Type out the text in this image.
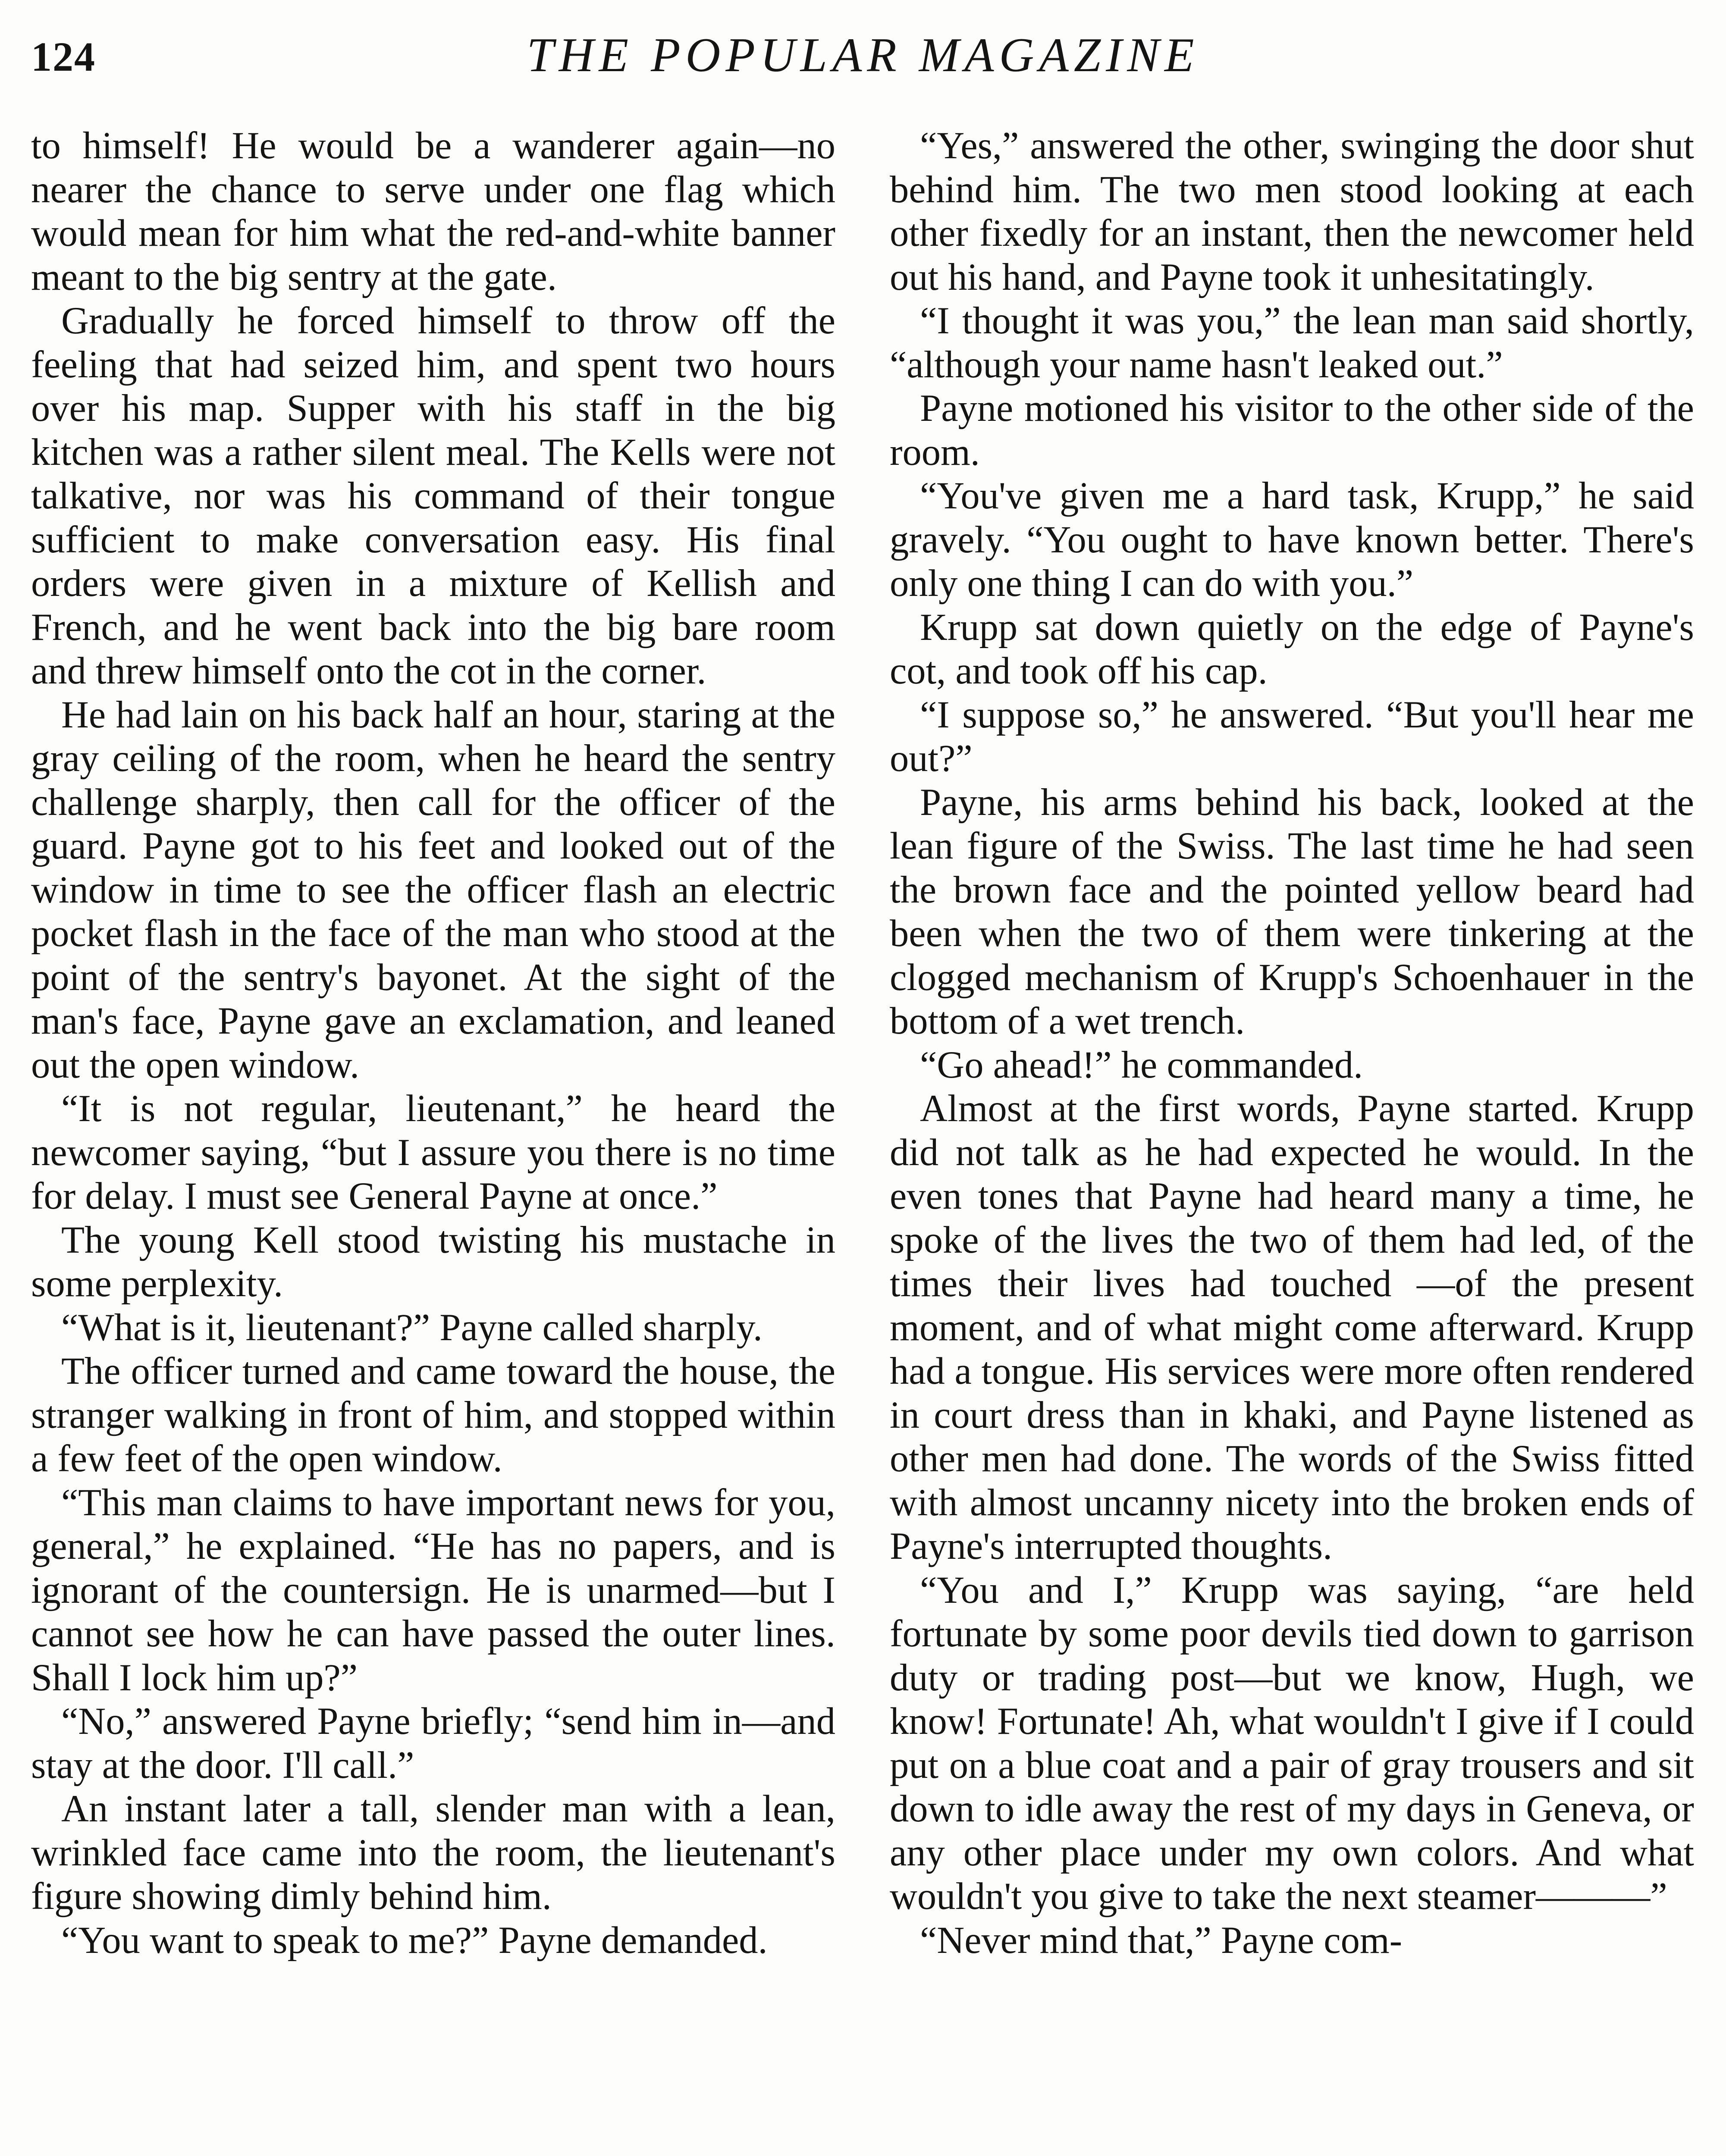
124	THE POPULAR MAGAZINE

to himself! He would be a wanderer again—no nearer the chance to serve under one flag which would mean for him what the red-and-white banner meant to the big sentry at the gate.

Gradually he forced himself to throw off the feeling that had seized him, and spent two hours over his map. Supper with his staff in the big kitchen was a rather silent meal. The Kells were not talkative, nor was his command of their tongue sufficient to make conversation easy. His final orders were given in a mixture of Kellish and French, and he went back into the big bare room and threw himself onto the cot in the corner.

He had lain on his back half an hour, staring at the gray ceiling of the room, when he heard the sentry challenge sharply, then call for the officer of the guard. Payne got to his feet and looked out of the window in time to see the officer flash an electric pocket flash in the face of the man who stood at the point of the sentry's bayonet. At the sight of the man's face, Payne gave an exclamation, and leaned out the open window.

“It is not regular, lieutenant,” he heard the newcomer saying, “but I assure you there is no time for delay. I must see General Payne at once.”

The young Kell stood twisting his mustache in some perplexity.

“What is it, lieutenant?” Payne called sharply.

The officer turned and came toward the house, the stranger walking in front of him, and stopped within a few feet of the open window.

“This man claims to have important news for you, general,” he explained. “He has no papers, and is ignorant of the countersign. He is unarmed—but I cannot see how he can have passed the outer lines. Shall I lock him up?”

“No,” answered Payne briefly; “send him in—and stay at the door. I'll call.”

An instant later a tall, slender man with a lean, wrinkled face came into the room, the lieutenant's figure showing dimly behind him.

“You want to speak to me?” Payne demanded.

“Yes,” answered the other, swinging the door shut behind him. The two men stood looking at each other fixedly for an instant, then the newcomer held out his hand, and Payne took it unhesitatingly.

“I thought it was you,” the lean man said shortly, “although your name hasn't leaked out.”

Payne motioned his visitor to the other side of the room.

“You've given me a hard task, Krupp,” he said gravely. “You ought to have known better. There's only one thing I can do with you.”

Krupp sat down quietly on the edge of Payne's cot, and took off his cap.

“I suppose so,” he answered. “But you'll hear me out?”

Payne, his arms behind his back, looked at the lean figure of the Swiss. The last time he had seen the brown face and the pointed yellow beard had been when the two of them were tinkering at the clogged mechanism of Krupp's Schoenhauer in the bottom of a wet trench.

“Go ahead!” he commanded.

Almost at the first words, Payne started. Krupp did not talk as he had expected he would. In the even tones that Payne had heard many a time, he spoke of the lives the two of them had led, of the times their lives had touched —of the present moment, and of what might come afterward. Krupp had a tongue. His services were more often rendered in court dress than in khaki, and Payne listened as other men had done. The words of the Swiss fitted with almost uncanny nicety into the broken ends of Payne's interrupted thoughts.

“You and I,” Krupp was saying, “are held fortunate by some poor devils tied down to garrison duty or trading post—but we know, Hugh, we know! Fortunate! Ah, what wouldn't I give if I could put on a blue coat and a pair of gray trousers and sit down to idle away the rest of my days in Geneva, or any other place under my own colors. And what wouldn't you give to take the next steamer———”

“Never mind that,” Payne com-
